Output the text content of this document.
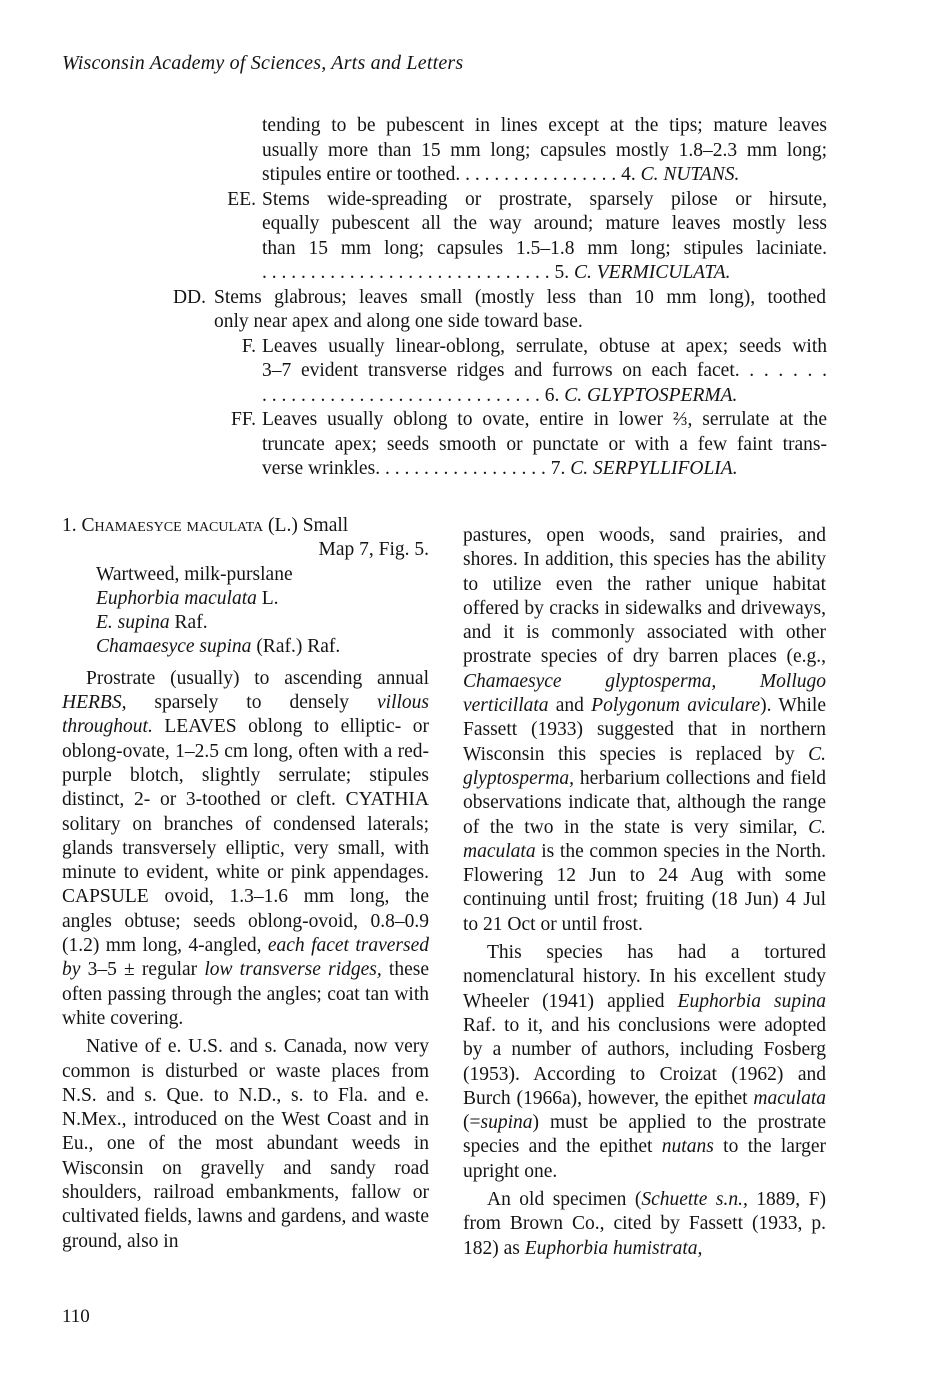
Wisconsin Academy of Sciences, Arts and Letters
tending to be pubescent in lines except at the tips; mature leaves
usually more than 15 mm long; capsules mostly 1.8–2.3 mm long;
stipules entire or toothed. . . . . . . . . . . . . . . . . 4. C. NUTANS.
EE. Stems wide-spreading or prostrate, sparsely pilose or hirsute,
equally pubescent all the way around; mature leaves mostly less
than 15 mm long; capsules 1.5–1.8 mm long; stipules laciniate.
. . . . . . . . . . . . . . . . . . . . . . . . . . . . . . 5. C. VERMICULATA.
DD. Stems glabrous; leaves small (mostly less than 10 mm long), toothed
only near apex and along one side toward base.
F. Leaves usually linear-oblong, serrulate, obtuse at apex; seeds with
3–7 evident transverse ridges and furrows on each facet. . . . . . .
. . . . . . . . . . . . . . . . . . . . . . . . . . . . . 6. C. GLYPTOSPERMA.
FF. Leaves usually oblong to ovate, entire in lower ⅔, serrulate at the
truncate apex; seeds smooth or punctate or with a few faint trans-
verse wrinkles. . . . . . . . . . . . . . . . . . 7. C. SERPYLLIFOLIA.
1. Chamaesyce maculata (L.) Small
Map 7, Fig. 5.
Wartweed, milk-purslane
Euphorbia maculata L.
E. supina Raf.
Chamaesyce supina (Raf.) Raf.

Prostrate (usually) to ascending annual HERBS, sparsely to densely villous throughout. LEAVES oblong to elliptic- or oblong-ovate, 1–2.5 cm long, often with a red-purple blotch, slightly serrulate; stipules distinct, 2- or 3-toothed or cleft. CYATHIA solitary on branches of condensed laterals; glands transversely elliptic, very small, with minute to evident, white or pink appendages. CAPSULE ovoid, 1.3–1.6 mm long, the angles obtuse; seeds oblong-ovoid, 0.8–0.9 (1.2) mm long, 4-angled, each facet traversed by 3–5 ± regular low transverse ridges, these often passing through the angles; coat tan with white covering.

Native of e. U.S. and s. Canada, now very common is disturbed or waste places from N.S. and s. Que. to N.D., s. to Fla. and e. N.Mex., introduced on the West Coast and in Eu., one of the most abundant weeds in Wisconsin on gravelly and sandy road shoulders, railroad embankments, fallow or cultivated fields, lawns and gardens, and waste ground, also in

pastures, open woods, sand prairies, and shores. In addition, this species has the ability to utilize even the rather unique habitat offered by cracks in sidewalks and driveways, and it is commonly associated with other prostrate species of dry barren places (e.g., Chamaesyce glyptosperma, Mollugo verticillata and Polygonum aviculare). While Fassett (1933) suggested that in northern Wisconsin this species is replaced by C. glyptosperma, herbarium collections and field observations indicate that, although the range of the two in the state is very similar, C. maculata is the common species in the North. Flowering 12 Jun to 24 Aug with some continuing until frost; fruiting (18 Jun) 4 Jul to 21 Oct or until frost.

This species has had a tortured nomenclatural history. In his excellent study Wheeler (1941) applied Euphorbia supina Raf. to it, and his conclusions were adopted by a number of authors, including Fosberg (1953). According to Croizat (1962) and Burch (1966a), however, the epithet maculata (=supina) must be applied to the prostrate species and the epithet nutans to the larger upright one.

An old specimen (Schuette s.n., 1889, F) from Brown Co., cited by Fassett (1933, p. 182) as Euphorbia humistrata,

110
